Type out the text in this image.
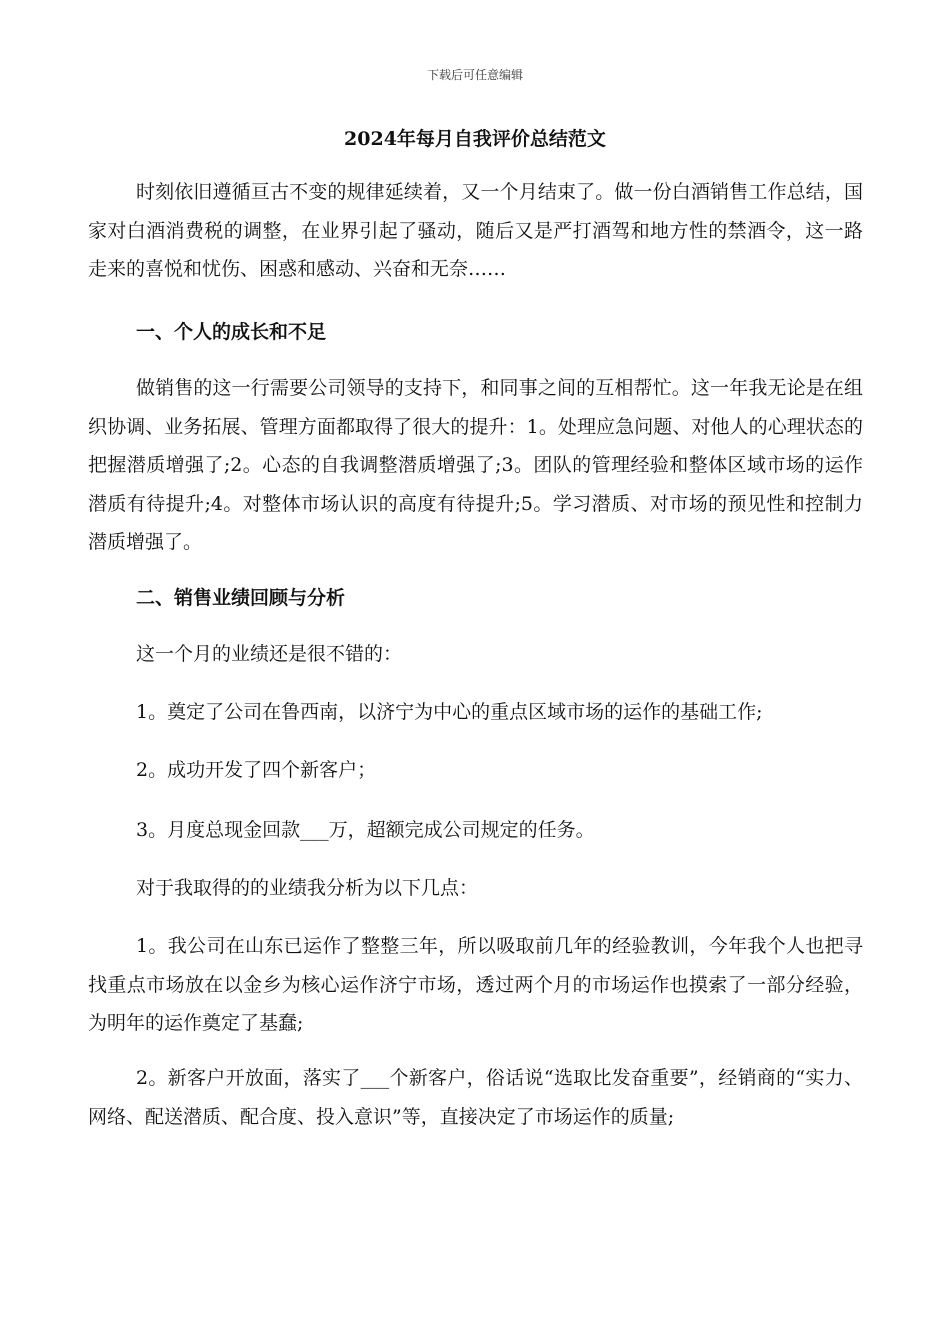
下载后可任意编辑
2024年每月自我评价总结范文

时刻依旧遵循亘古不变的规律延续着，又一个月结束了。做一份白酒销售工作总结，国家对白酒消费税的调整，在业界引起了骚动，随后又是严打酒驾和地方性的禁酒令，这一路走来的喜悦和忧伤、困惑和感动、兴奋和无奈……

一、个人的成长和不足

做销售的这一行需要公司领导的支持下，和同事之间的互相帮忙。这一年我无论是在组织协调、业务拓展、管理方面都取得了很大的提升：1。处理应急问题、对他人的心理状态的把握潜质增强了;2。心态的自我调整潜质增强了;3。团队的管理经验和整体区域市场的运作潜质有待提升;4。对整体市场认识的高度有待提升;5。学习潜质、对市场的预见性和控制力潜质增强了。

二、销售业绩回顾与分析

这一个月的业绩还是很不错的：

1。奠定了公司在鲁西南，以济宁为中心的重点区域市场的运作的基础工作;

2。成功开发了四个新客户；

3。月度总现金回款___万，超额完成公司规定的任务。

对于我取得的的业绩我分析为以下几点：

1。我公司在山东已运作了整整三年，所以吸取前几年的经验教训，今年我个人也把寻找重点市场放在以金乡为核心运作济宁市场，透过两个月的市场运作也摸索了一部分经验，为明年的运作奠定了基蠢;

2。新客户开放面，落实了___个新客户，俗话说“选取比发奋重要”，经销商的“实力、网络、配送潜质、配合度、投入意识”等，直接决定了市场运作的质量;
